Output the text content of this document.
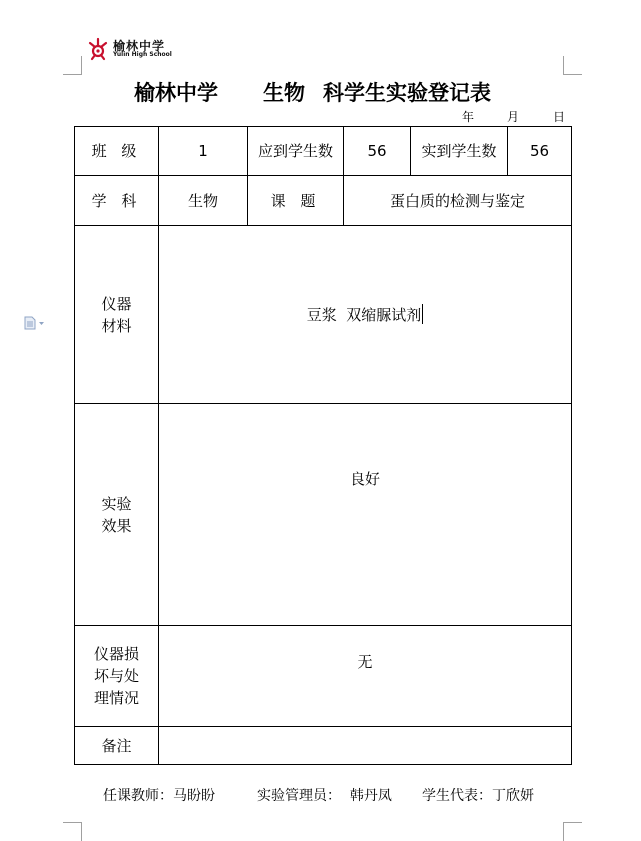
榆林中学
Yulin High School
榆林中学 生物 科学生实验登记表
年	月	日
班 级	1	应到学生数	56	实到学生数	56
学 科	生物	课 题	蛋白质的检测与鉴定		

仪器
材料	豆浆  双缩脲试剂				

实验
效果	良好				

仪器损
坏与处
理情况	无				
备注					
任课教师：马盼盼	实验管理员：  韩丹凤 学生代表：丁欣妍
